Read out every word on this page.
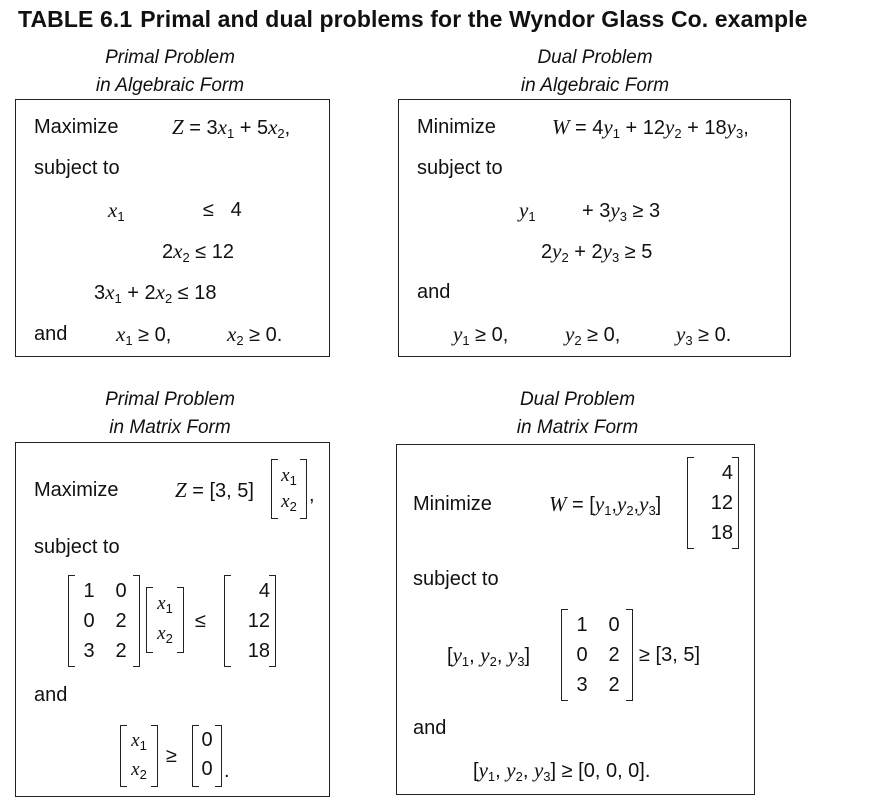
TABLE 6.1 Primal and dual problems for the Wyndor Glass Co. example
Primal Problem
in Algebraic Form
Dual Problem
in Algebraic Form
Primal Problem
in Matrix Form
Dual Problem
in Matrix Form
Maximize	$Z = 3x_1 + 5x_2$,
subject to
$x_1$	≤   4
$2x_2 \le 12$
$3x_1 + 2x_2 \le 18$
and $x_1 \ge 0$,	$x_2 \ge 0$.
Minimize	$W = 4y_1 + 12y_2 + 18y_3$,
subject to
$y_1 + 3y_3 \ge 3$
$2y_2 + 2y_3 \ge 5$
and
$y_1 \ge 0$,	$y_2 \ge 0$,	$y_3 \ge 0$.
Maximize	Z = [3, 5]
$x_1$
$x_2$
,
subject to
1 0
0 2
3 2
$x_1$
$x_2$
≤
4
12
18
and
$x_1$
$x_2$
≥
0
0 .
Minimize	$W = [y_1,y_2,y_3]$
4
12
18
subject to
[$y_1$, $y_2$, $y_3$]
1 0
0 2
3 2
≥ [3, 5]
and
[$y_1$, $y_2$, $y_3] \ge [0$, 0, 0].
